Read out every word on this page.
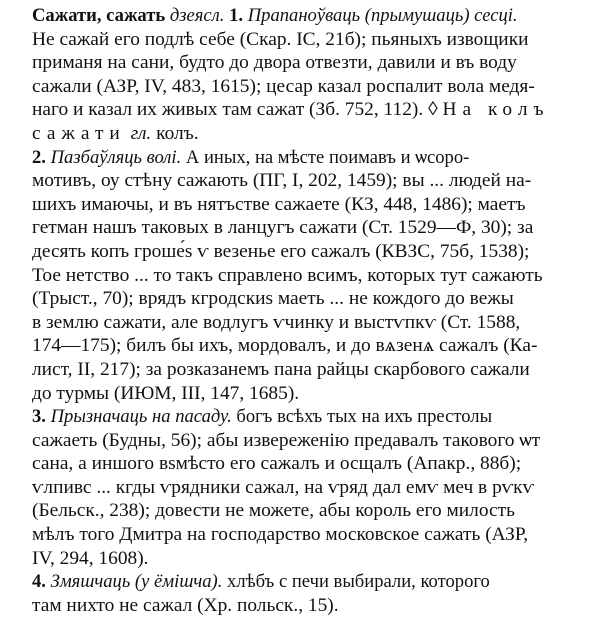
Сажати, сажать дзеясл. 1. Прапаноўваць (прымушаць) сесці.
Не сажай его подлѣ себе (Скар. IС, 21б); пьяныхъ извощики
приманя на сани, будто до двора отвезти, давили и въ воду
сажали (АЗР, IV, 483, 1615); цесар казал роспалит вола медя-
наго и казал их живых там сажат (Зб. 752, 112). ◊ На колъ
сажати гл. колъ.
2. Пазбаўляць волі. А иных, на мѣсте поимавъ и ѡсоро-
мотивъ, оу стѣну сажають (ПГ, I, 202, 1459); вы ... людей на-
шихъ имаючы, и въ нятъстве сажаете (КЗ, 448, 1486); маетъ
гетман нашъ таковых в ланцугъ сажати (Ст. 1529—Ф, 30); за
десять копъ гроше́ѕ ѵ везенье его сажалъ (КВЗС, 75б, 1538);
Тое нетство ... то такъ справлено всимъ, которых тут сажають
(Трыст., 70); врядъ кгродскиѕ маеть ... не кождого до вежы
в землю сажати, але водлугъ ѵчинку и выстѵпкѵ (Ст. 1588,
174—175); билъ бы ихъ, мордовалъ, и до вѧзенѧ сажалъ (Ка-
лист, II, 217); за розказанемъ пана райцы скарбового сажали
до турмы (ИЮМ, III, 147, 1685).
3. Прызначаць на пасаду. богъ всѣхъ тых на ихъ престолы
сажаеть (Будны, 56); абы извереженію предавалъ такового ѡт
сана, а иншого вѕмѣсто его сажалъ и осщалъ (Апакр., 88б);
ѵлпивс ... кгды ѵрядники сажал, на ѵряд дал емѵ меч в рѵкѵ
(Бельск., 238); довести не можете, абы король его милость
мѣлъ того Дмитра на господарство московское сажать (АЗР,
IV, 294, 1608).
4. Змяшчаць (у ёмішча). хлѣбъ с печи выбирали, которого
там нихто не сажал (Хр. польск., 15).
